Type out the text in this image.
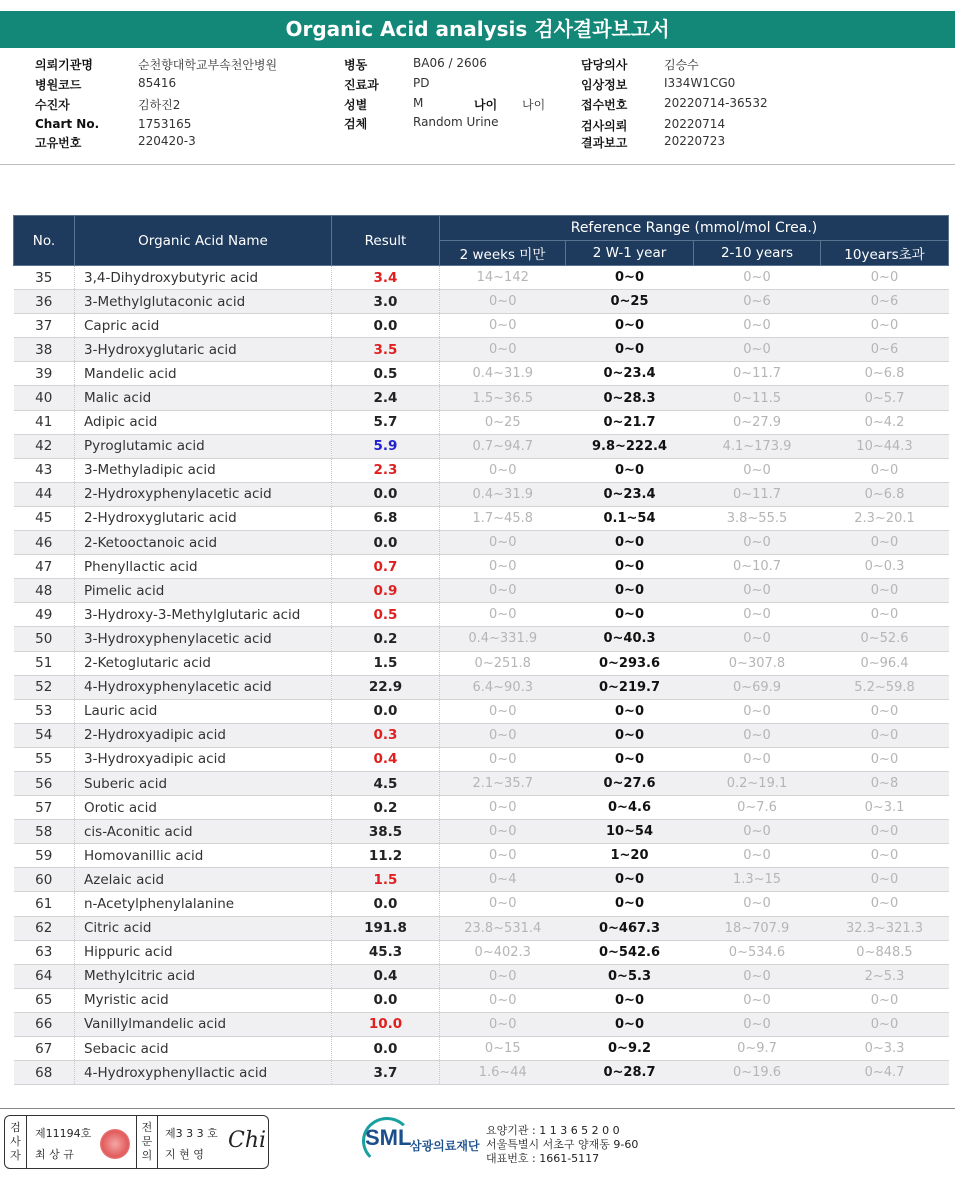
Organic Acid analysis 검사결과보고서
의뢰기관명	순천향대학교부속천안병원
병원코드	85416
수진자	김하진2
Chart No.	1753165
고유번호	220420-3
병동	BA06 / 2606
진료과	PD
성별	M	나이 나이
검체	Random Urine
담당의사	김승수
임상정보	I334W1CG0
접수번호	20220714-36532
검사의뢰	20220714
결과보고	20220723
No.	Organic Acid Name	Result	Reference Range (mmol/mol Crea.)			
			2 weeks 미만	2 W-1 year	2-10 years	10years초과
35	3,4-Dihydroxybutyric acid	3.4	14~142	0~0	0~0	0~0
36	3-Methylglutaconic acid	3.0	0~0	0~25	0~6	0~6
37	Capric acid	0.0	0~0	0~0	0~0	0~0
38	3-Hydroxyglutaric acid	3.5	0~0	0~0	0~0	0~6
39	Mandelic acid	0.5	0.4~31.9	0~23.4	0~11.7	0~6.8
40	Malic acid	2.4	1.5~36.5	0~28.3	0~11.5	0~5.7
41	Adipic acid	5.7	0~25	0~21.7	0~27.9	0~4.2
42	Pyroglutamic acid	5.9	0.7~94.7	9.8~222.4	4.1~173.9	10~44.3
43	3-Methyladipic acid	2.3	0~0	0~0	0~0	0~0
44	2-Hydroxyphenylacetic acid	0.0	0.4~31.9	0~23.4	0~11.7	0~6.8
45	2-Hydroxyglutaric acid	6.8	1.7~45.8	0.1~54	3.8~55.5	2.3~20.1
46	2-Ketooctanoic acid	0.0	0~0	0~0	0~0	0~0
47	Phenyllactic acid	0.7	0~0	0~0	0~10.7	0~0.3
48	Pimelic acid	0.9	0~0	0~0	0~0	0~0
49	3-Hydroxy-3-Methylglutaric acid	0.5	0~0	0~0	0~0	0~0
50	3-Hydroxyphenylacetic acid	0.2	0.4~331.9	0~40.3	0~0	0~52.6
51	2-Ketoglutaric acid	1.5	0~251.8	0~293.6	0~307.8	0~96.4
52	4-Hydroxyphenylacetic acid	22.9	6.4~90.3	0~219.7	0~69.9	5.2~59.8
53	Lauric acid	0.0	0~0	0~0	0~0	0~0
54	2-Hydroxyadipic acid	0.3	0~0	0~0	0~0	0~0
55	3-Hydroxyadipic acid	0.4	0~0	0~0	0~0	0~0
56	Suberic acid	4.5	2.1~35.7	0~27.6	0.2~19.1	0~8
57	Orotic acid	0.2	0~0	0~4.6	0~7.6	0~3.1
58	cis-Aconitic acid	38.5	0~0	10~54	0~0	0~0
59	Homovanillic acid	11.2	0~0	1~20	0~0	0~0
60	Azelaic acid	1.5	0~4	0~0	1.3~15	0~0
61	n-Acetylphenylalanine	0.0	0~0	0~0	0~0	0~0
62	Citric acid	191.8	23.8~531.4	0~467.3	18~707.9	32.3~321.3
63	Hippuric acid	45.3	0~402.3	0~542.6	0~534.6	0~848.5
64	Methylcitric acid	0.4	0~0	0~5.3	0~0	2~5.3
65	Myristic acid	0.0	0~0	0~0	0~0	0~0
66	Vanillylmandelic acid	10.0	0~0	0~0	0~0	0~0
67	Sebacic acid	0.0	0~15	0~9.2	0~9.7	0~3.3
68	4-Hydroxyphenyllactic acid	3.7	1.6~44	0~28.7	0~19.6	0~4.7
검사자
제11194호
최 상 규
전문의
제3 3 3 호
지 현 영
Chi	SML
삼광의료재단
요양기관 : 1 1 3 6 5 2 0 0
서울특별시 서초구 양재동 9-60
대표번호 : 1661-5117
